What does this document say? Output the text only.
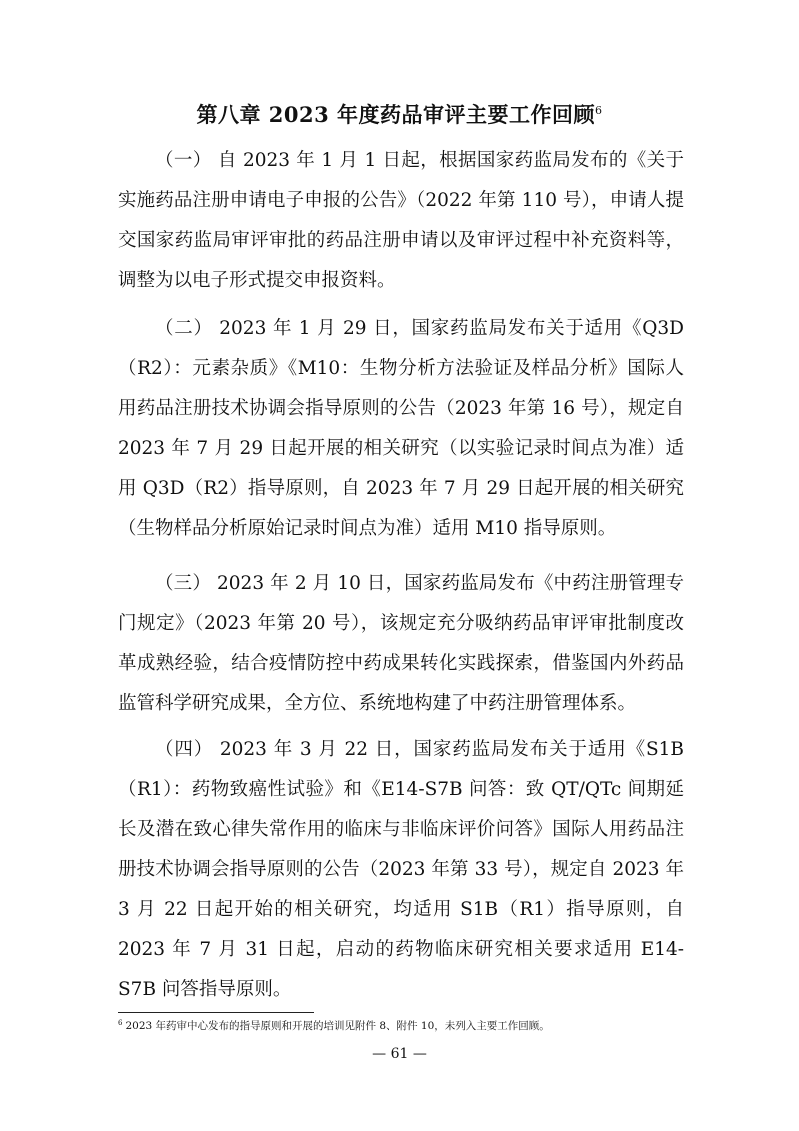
第八章 2023 年度药品审评主要工作回顾$^6$

（一） 自 2023 年 1 月 1 日起，根据国家药监局发布的《关于实施药品注册申请电子申报的公告》（2022 年第 110 号），申请人提交国家药监局审评审批的药品注册申请以及审评过程中补充资料等，调整为以电子形式提交申报资料。

（二） 2023 年 1 月 29 日，国家药监局发布关于适用《Q3D（R2）：元素杂质》《M10：生物分析方法验证及样品分析》国际人用药品注册技术协调会指导原则的公告（2023 年第 16 号），规定自 2023 年 7 月 29 日起开展的相关研究（以实验记录时间点为准）适用 Q3D（R2）指导原则，自 2023 年 7 月 29 日起开展的相关研究（生物样品分析原始记录时间点为准）适用 M10 指导原则。

（三） 2023 年 2 月 10 日，国家药监局发布《中药注册管理专门规定》（2023 年第 20 号），该规定充分吸纳药品审评审批制度改革成熟经验，结合疫情防控中药成果转化实践探索，借鉴国内外药品监管科学研究成果，全方位、系统地构建了中药注册管理体系。

（四） 2023 年 3 月 22 日，国家药监局发布关于适用《S1B（R1）：药物致癌性试验》和《E14-S7B 问答：致 QT/QTc 间期延长及潜在致心律失常作用的临床与非临床评价问答》国际人用药品注册技术协调会指导原则的公告（2023 年第 33 号），规定自 2023 年 3 月 22 日起开始的相关研究，均适用 S1B（R1）指导原则，自 2023 年 7 月 31 日起，启动的药物临床研究相关要求适用 E14-S7B 问答指导原则。

$^6$ 2023 年药审中心发布的指导原则和开展的培训见附件 8、附件 10，未列入主要工作回顾。
— 61 —
